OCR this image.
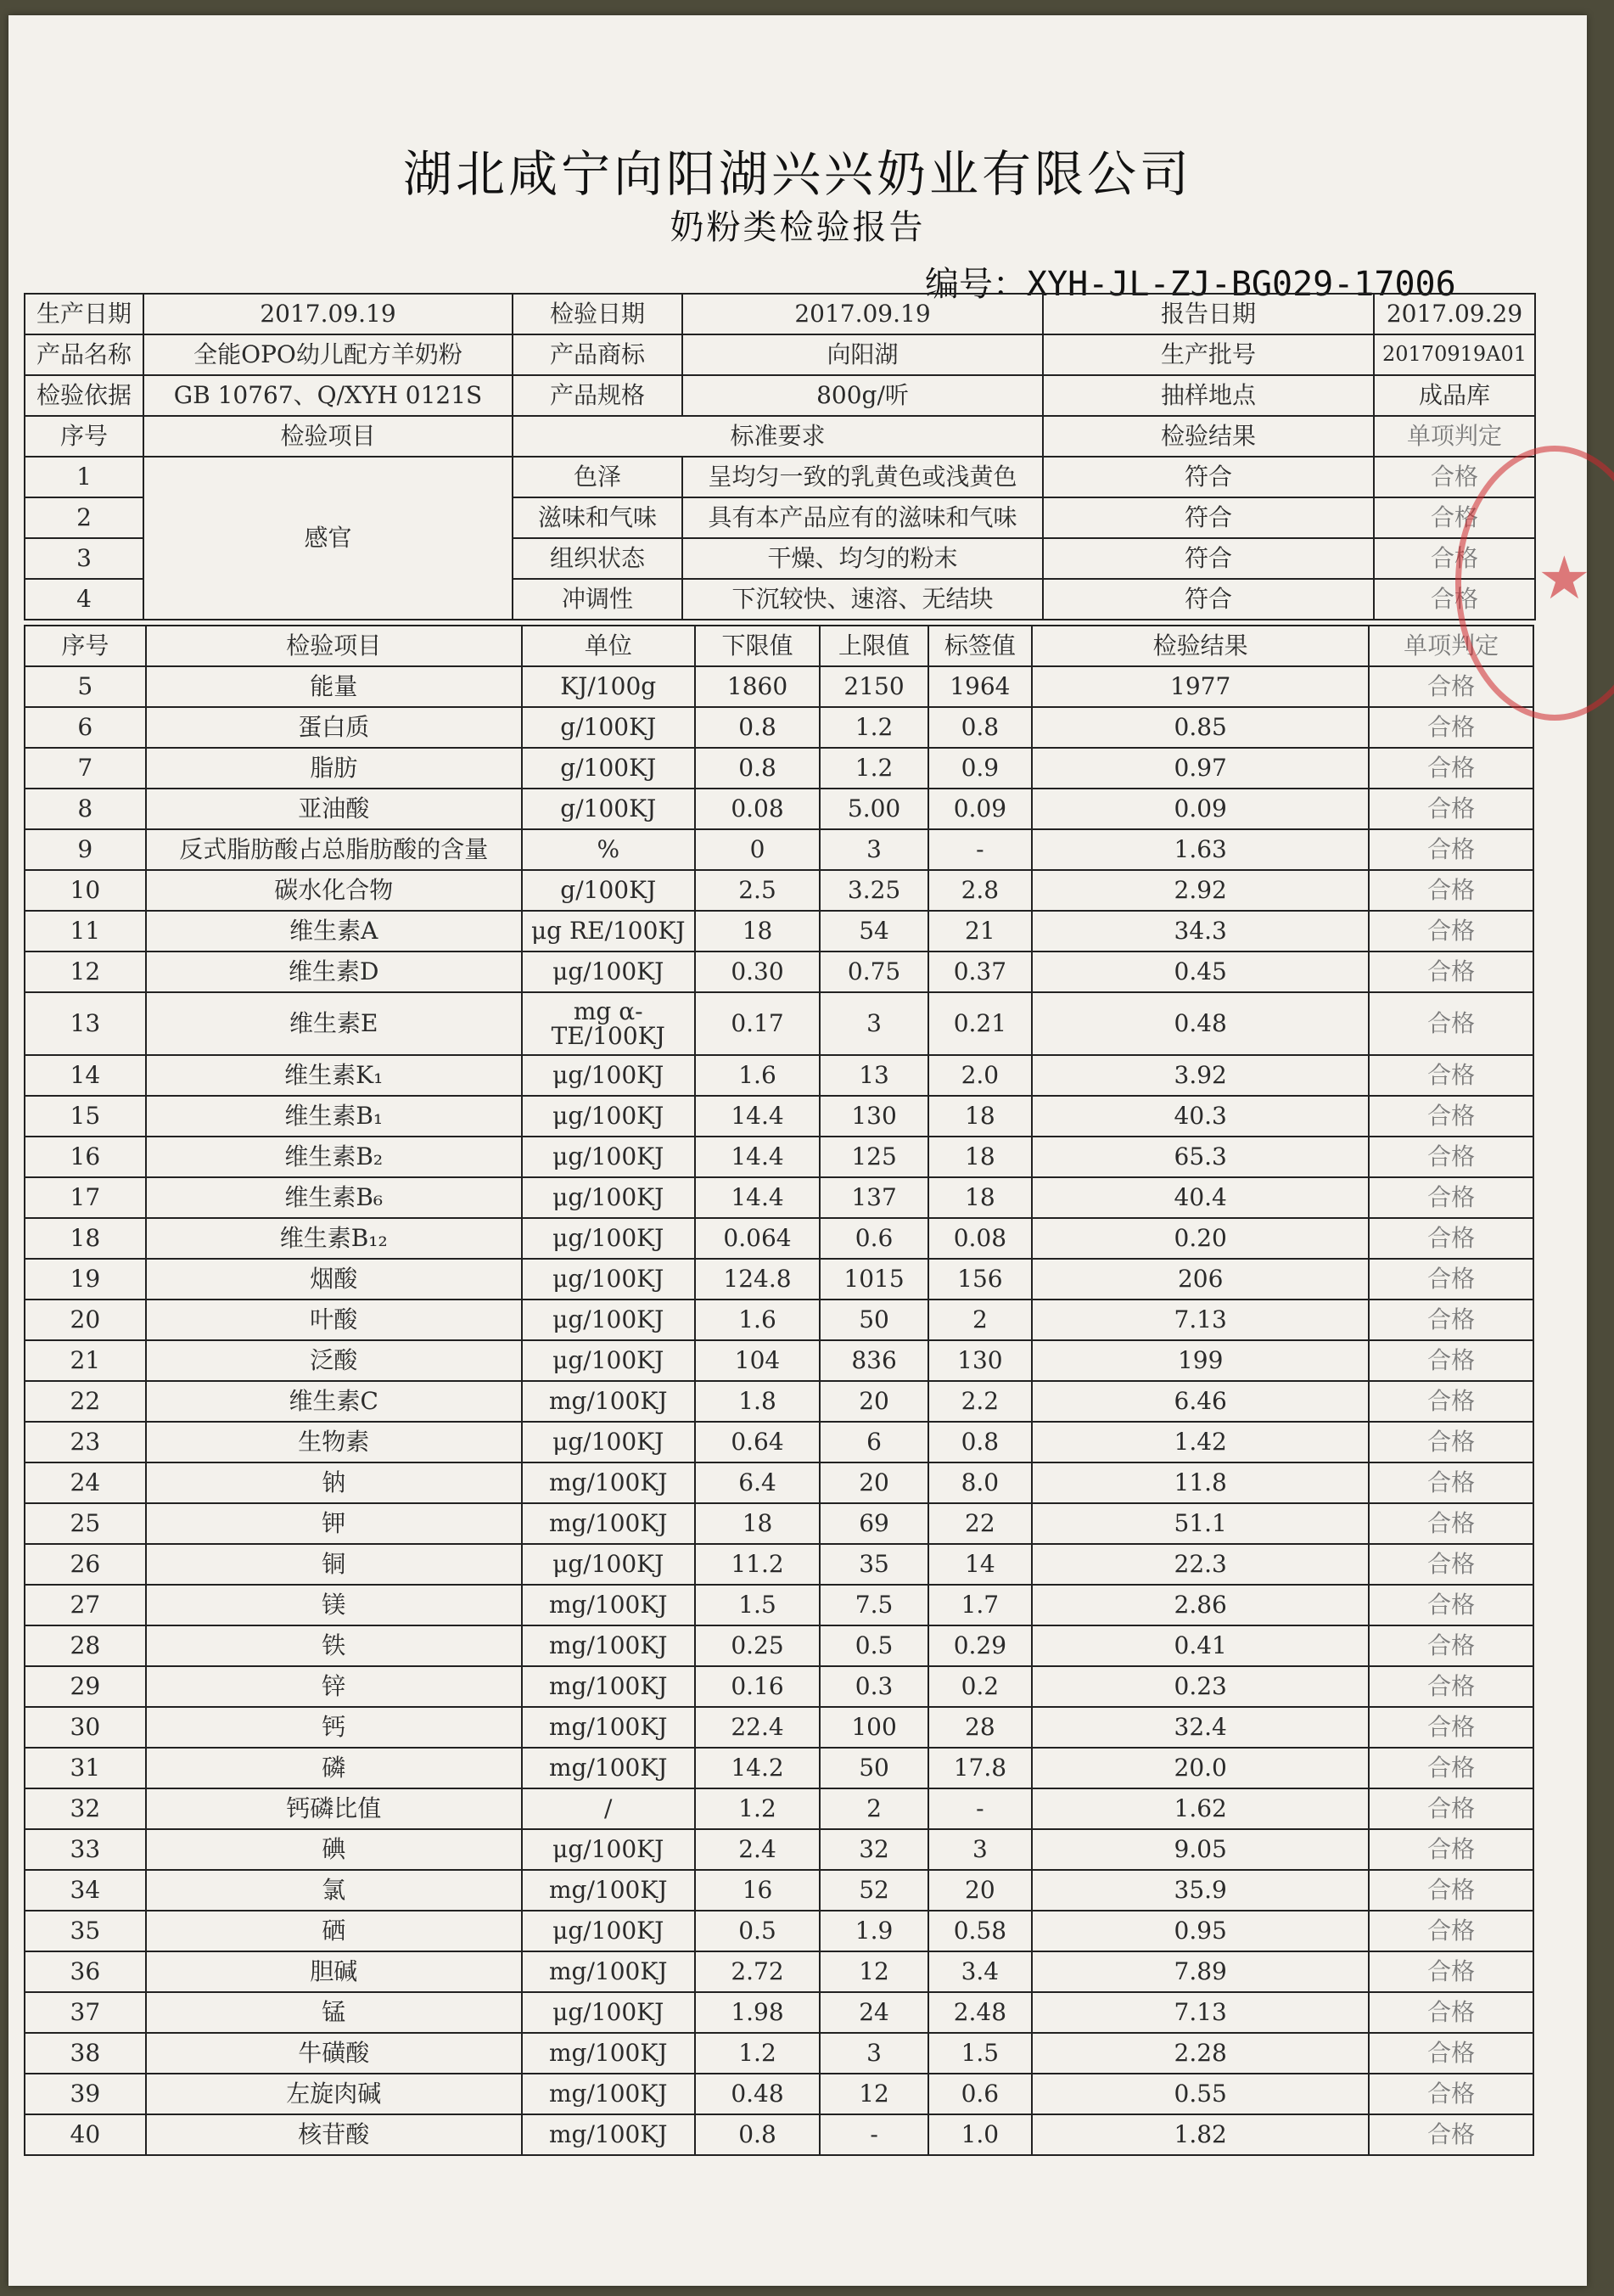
湖北咸宁向阳湖兴兴奶业有限公司
奶粉类检验报告
编号：XYH-JL-ZJ-BG029-17006
生产日期	2017.09.19	检验日期	2017.09.19	报告日期	2017.09.29
产品名称	全能OPO幼儿配方羊奶粉	产品商标	向阳湖	生产批号	20170919A01
检验依据	GB 10767、Q/XYH 0121S	产品规格	800g/听	抽样地点	成品库
序号	检验项目	标准要求		检验结果	单项判定
1	感官	色泽	呈均匀一致的乳黄色或浅黄色	符合	合格
2		滋味和气味	具有本产品应有的滋味和气味	符合	合格
3		组织状态	干燥、均匀的粉末	符合	合格
4		冲调性	下沉较快、速溶、无结块	符合	合格
序号	检验项目	单位	下限值	上限值	标签值	检验结果	单项判定
5	能量	KJ/100g	1860	2150	1964	1977	合格
6	蛋白质	g/100KJ	0.8	1.2	0.8	0.85	合格
7	脂肪	g/100KJ	0.8	1.2	0.9	0.97	合格
8	亚油酸	g/100KJ	0.08	5.00	0.09	0.09	合格
9	反式脂肪酸占总脂肪酸的含量	%	0	3	-	1.63	合格
10	碳水化合物	g/100KJ	2.5	3.25	2.8	2.92	合格
11	维生素A	μg RE/100KJ	18	54	21	34.3	合格
12	维生素D	μg/100KJ	0.30	0.75	0.37	0.45	合格
13	维生素E	mg α-TE/100KJ	0.17	3	0.21	0.48	合格
14	维生素K₁	μg/100KJ	1.6	13	2.0	3.92	合格
15	维生素B₁	μg/100KJ	14.4	130	18	40.3	合格
16	维生素B₂	μg/100KJ	14.4	125	18	65.3	合格
17	维生素B₆	μg/100KJ	14.4	137	18	40.4	合格
18	维生素B₁₂	μg/100KJ	0.064	0.6	0.08	0.20	合格
19	烟酸	μg/100KJ	124.8	1015	156	206	合格
20	叶酸	μg/100KJ	1.6	50	2	7.13	合格
21	泛酸	μg/100KJ	104	836	130	199	合格
22	维生素C	mg/100KJ	1.8	20	2.2	6.46	合格
23	生物素	μg/100KJ	0.64	6	0.8	1.42	合格
24	钠	mg/100KJ	6.4	20	8.0	11.8	合格
25	钾	mg/100KJ	18	69	22	51.1	合格
26	铜	μg/100KJ	11.2	35	14	22.3	合格
27	镁	mg/100KJ	1.5	7.5	1.7	2.86	合格
28	铁	mg/100KJ	0.25	0.5	0.29	0.41	合格
29	锌	mg/100KJ	0.16	0.3	0.2	0.23	合格
30	钙	mg/100KJ	22.4	100	28	32.4	合格
31	磷	mg/100KJ	14.2	50	17.8	20.0	合格
32	钙磷比值	/	1.2	2	-	1.62	合格
33	碘	μg/100KJ	2.4	32	3	9.05	合格
34	氯	mg/100KJ	16	52	20	35.9	合格
35	硒	μg/100KJ	0.5	1.9	0.58	0.95	合格
36	胆碱	mg/100KJ	2.72	12	3.4	7.89	合格
37	锰	μg/100KJ	1.98	24	2.48	7.13	合格
38	牛磺酸	mg/100KJ	1.2	3	1.5	2.28	合格
39	左旋肉碱	mg/100KJ	0.48	12	0.6	0.55	合格
40	核苷酸	mg/100KJ	0.8	-	1.0	1.82	合格
★
